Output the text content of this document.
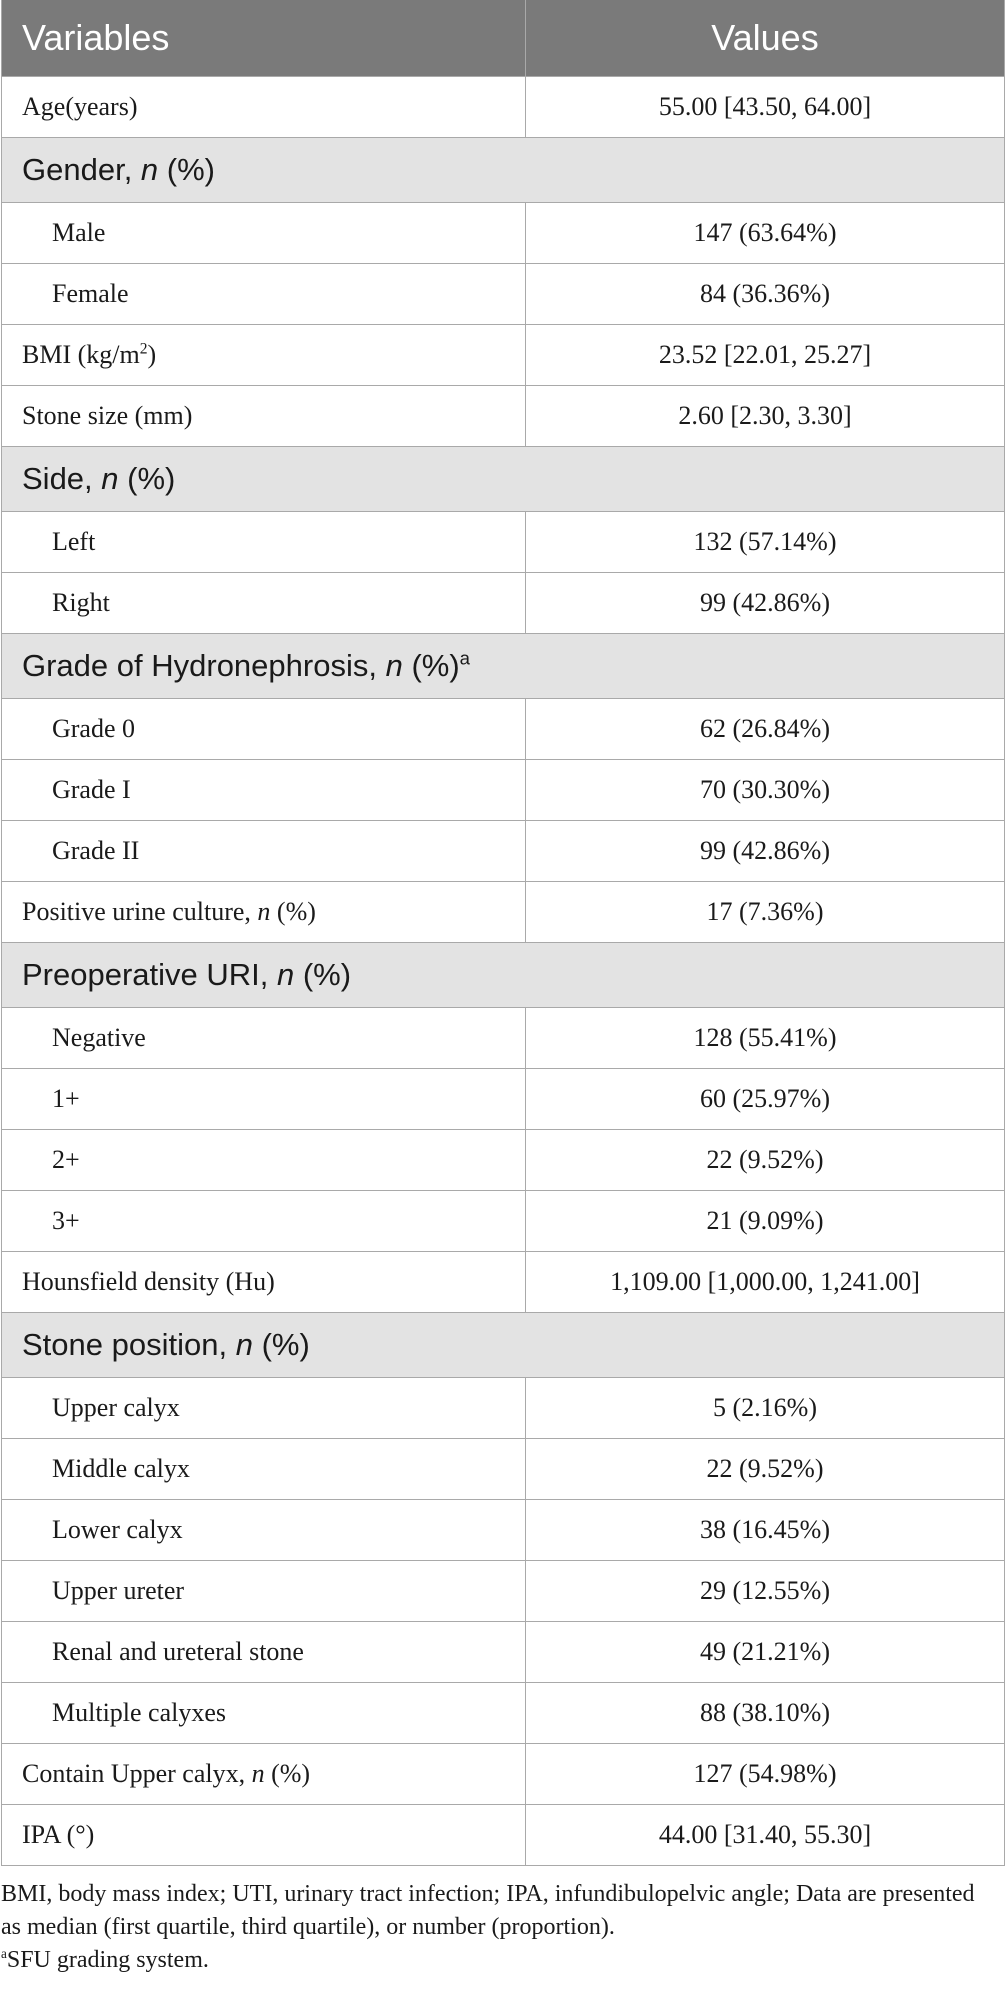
Variables	Values
Age(years)	55.00 [43.50, 64.00]
Gender, n (%)	
Male	147 (63.64%)
Female	84 (36.36%)
BMI $(kg/m^2)$	23.52 [22.01, 25.27]
Stone size (mm)	2.60 [2.30, 3.30]
Side, n (%)	
Left	132 (57.14%)
Right	99 (42.86%)
Grade of Hydronephrosis, n (%)$^a$
Grade 0	62 (26.84%)
Grade I	70 (30.30%)
Grade II	99 (42.86%)
Positive urine culture, n (%)	17 (7.36%)
Preoperative URI, n (%)	
Negative	128 (55.41%)
1+	60 (25.97%)
2+	22 (9.52%)
3+	21 (9.09%)
Hounsfield density (Hu)	1,109.00 [1,000.00, 1,241.00]
Stone position, n (%)	
Upper calyx	5 (2.16%)
Middle calyx	22 (9.52%)
Lower calyx	38 (16.45%)
Upper ureter	29 (12.55%)
Renal and ureteral stone	49 (21.21%)
Multiple calyxes	88 (38.10%)
Contain Upper calyx, n (%)	127 (54.98%)
IPA (°)	44.00 [31.40, 55.30]

BMI, body mass index; UTI, urinary tract infection; IPA, infundibulopelvic angle; Data are presented as median (first quartile, third quartile), or number (proportion).

$^a$SFU grading system.
